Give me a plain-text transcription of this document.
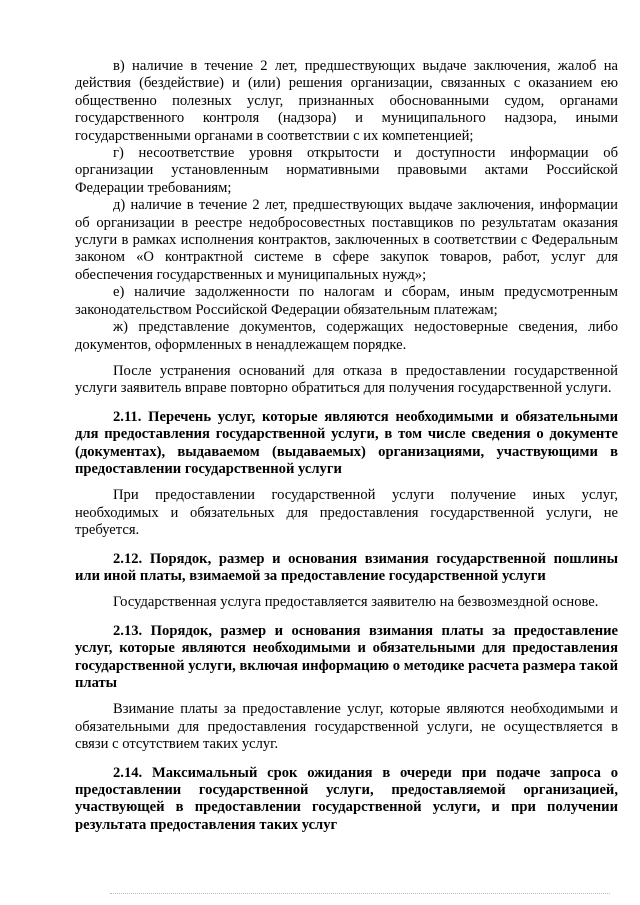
в) наличие в течение 2 лет, предшествующих выдаче заключения, жалоб на действия (бездействие) и (или) решения организации, связанных с оказанием ею общественно полезных услуг, признанных обоснованными судом, органами государственного контроля (надзора) и муниципального надзора, иными государственными органами в соответствии с их компетенцией;

г) несоответствие уровня открытости и доступности информации об организации установленным нормативными правовыми актами Российской Федерации требованиям;

д) наличие в течение 2 лет, предшествующих выдаче заключения, информации об организации в реестре недобросовестных поставщиков по результатам оказания услуги в рамках исполнения контрактов, заключенных в соответствии с Федеральным законом «О контрактной системе в сфере закупок товаров, работ, услуг для обеспечения государственных и муниципальных нужд»;

е) наличие задолженности по налогам и сборам, иным предусмотренным законодательством Российской Федерации обязательным платежам;

ж) представление документов, содержащих недостоверные сведения, либо документов, оформленных в ненадлежащем порядке.

После устранения оснований для отказа в предоставлении государственной услуги заявитель вправе повторно обратиться для получения государственной услуги.

2.11. Перечень услуг, которые являются необходимыми и обязательными для предоставления государственной услуги, в том числе сведения о документе (документах), выдаваемом (выдаваемых) организациями, участвующими в предоставлении государственной услуги

При предоставлении государственной услуги получение иных услуг, необходимых и обязательных для предоставления государственной услуги, не требуется.

2.12. Порядок, размер и основания взимания государственной пошлины или иной платы, взимаемой за предоставление государственной услуги

Государственная услуга предоставляется заявителю на безвозмездной основе.

2.13. Порядок, размер и основания взимания платы за предоставление услуг, которые являются необходимыми и обязательными для предоставления государственной услуги, включая информацию о методике расчета размера такой платы

Взимание платы за предоставление услуг, которые являются необходимыми и обязательными для предоставления государственной услуги, не осуществляется в связи с отсутствием таких услуг.

2.14. Максимальный срок ожидания в очереди при подаче запроса о предоставлении государственной услуги, предоставляемой организацией, участвующей в предоставлении государственной услуги, и при получении результата предоставления таких услуг
